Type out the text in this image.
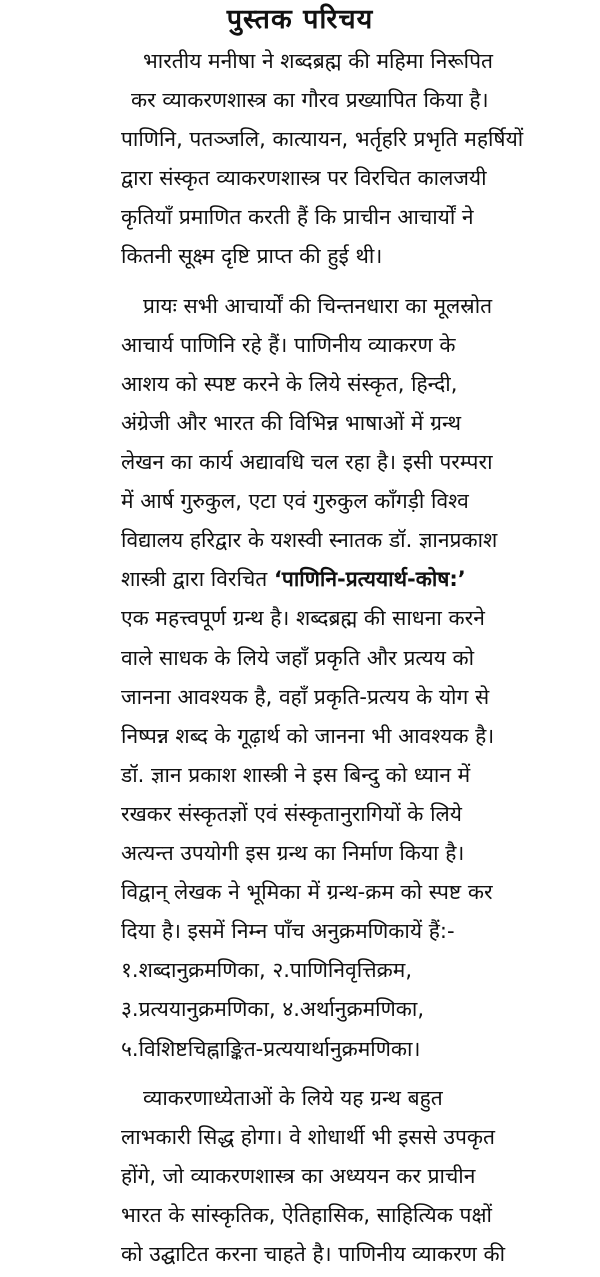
पुस्तक परिचय
भारतीय मनीषा ने शब्दब्रह्म की महिमा निरूपित
कर व्याकरणशास्त्र का गौरव प्रख्यापित किया है।
पाणिनि, पतञ्जलि, कात्यायन, भर्तृहरि प्रभृति महर्षियों
द्वारा संस्कृत व्याकरणशास्त्र पर विरचित कालजयी
कृतियाँ प्रमाणित करती हैं कि प्राचीन आचार्यों ने
कितनी सूक्ष्म दृष्टि प्राप्त की हुई थी।
प्रायः सभी आचार्यों की चिन्तनधारा का मूलस्रोत
आचार्य पाणिनि रहे हैं। पाणिनीय व्याकरण के
आशय को स्पष्ट करने के लिये संस्कृत, हिन्दी,
अंग्रेजी और भारत की विभिन्न भाषाओं में ग्रन्थ
लेखन का कार्य अद्यावधि चल रहा है। इसी परम्परा
में आर्ष गुरुकुल, एटा एवं गुरुकुल काँगड़ी विश्व
विद्यालय हरिद्वार के यशस्वी स्नातक डॉ. ज्ञानप्रकाश
शास्त्री द्वारा विरचित ‘पाणिनि-प्रत्ययार्थ-कोष:’
एक महत्त्वपूर्ण ग्रन्थ है। शब्दब्रह्म की साधना करने
वाले साधक के लिये जहाँ प्रकृति और प्रत्यय को
जानना आवश्यक है, वहाँ प्रकृति-प्रत्यय के योग से
निष्पन्न शब्द के गूढ़ार्थ को जानना भी आवश्यक है।
डॉ. ज्ञान प्रकाश शास्त्री ने इस बिन्दु को ध्यान में
रखकर संस्कृतज्ञों एवं संस्कृतानुरागियों के लिये
अत्यन्त उपयोगी इस ग्रन्थ का निर्माण किया है।
विद्वान् लेखक ने भूमिका में ग्रन्थ-क्रम को स्पष्ट कर
दिया है। इसमें निम्न पाँच अनुक्रमणिकायें हैं:-
१.शब्दानुक्रमणिका, २.पाणिनिवृत्तिक्रम,
३.प्रत्ययानुक्रमणिका, ४.अर्थानुक्रमणिका,
५.विशिष्टचिह्नाङ्कित-प्रत्ययार्थानुक्रमणिका।
व्याकरणाध्येताओं के लिये यह ग्रन्थ बहुत
लाभकारी सिद्ध होगा। वे शोधार्थी भी इससे उपकृत
होंगे, जो व्याकरणशास्त्र का अध्ययन कर प्राचीन
भारत के सांस्कृतिक, ऐतिहासिक, साहित्यिक पक्षों
को उद्घाटित करना चाहते है। पाणिनीय व्याकरण की
